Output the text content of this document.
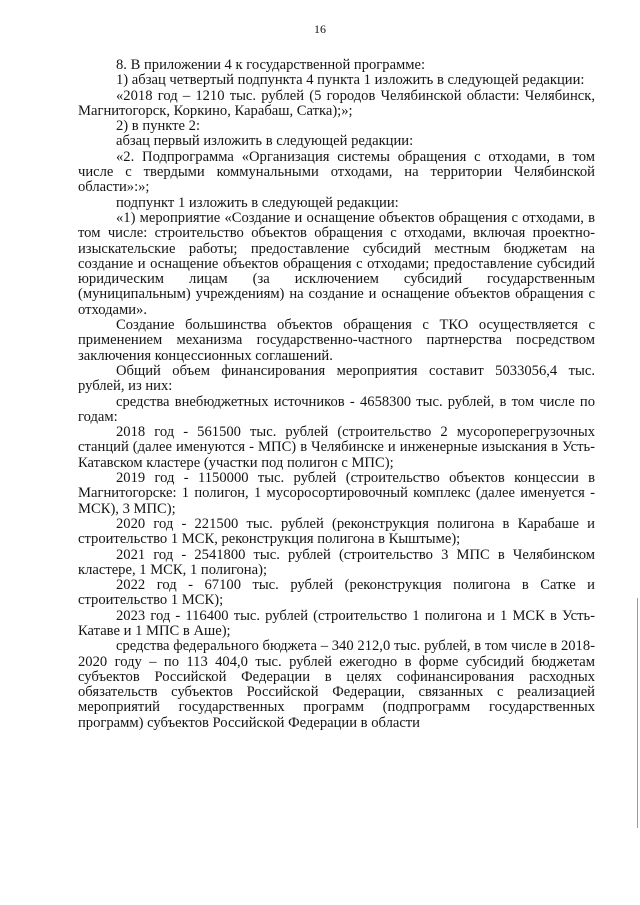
16

8. В приложении 4 к государственной программе:

1) абзац четвертый подпункта 4 пункта 1 изложить в следующей редакции:

«2018 год – 1210 тыс. рублей (5 городов Челябинской области: Челябинск, Магнитогорск, Коркино, Карабаш, Сатка);»;

2) в пункте 2:

абзац первый изложить в следующей редакции:

«2. Подпрограмма «Организация системы обращения с отходами, в том числе с твердыми коммунальными отходами, на территории Челябинской области»:»;

подпункт 1 изложить в следующей редакции:

«1) мероприятие «Создание и оснащение объектов обращения с отходами, в том числе: строительство объектов обращения с отходами, включая проектно-изыскательские работы; предоставление субсидий местным бюджетам на создание и оснащение объектов обращения с отходами; предоставление субсидий юридическим лицам (за исключением субсидий государственным (муниципальным) учреждениям) на создание и оснащение объектов обращения с отходами».

Создание большинства объектов обращения с ТКО осуществляется с применением механизма государственно-частного партнерства посредством заключения концессионных соглашений.

Общий объем финансирования мероприятия составит 5033056,4 тыс. рублей, из них:

средства внебюджетных источников - 4658300 тыс. рублей, в том числе по годам:

2018 год - 561500 тыс. рублей (строительство 2 мусороперегрузочных станций (далее именуются - МПС) в Челябинске и инженерные изыскания в Усть-Катавском кластере (участки под полигон с МПС);

2019 год - 1150000 тыс. рублей (строительство объектов концессии в Магнитогорске: 1 полигон, 1 мусоросортировочный комплекс (далее именуется - МСК), 3 МПС);

2020 год - 221500 тыс. рублей (реконструкция полигона в Карабаше и строительство 1 МСК, реконструкция полигона в Кыштыме);

2021 год - 2541800 тыс. рублей (строительство 3 МПС в Челябинском кластере, 1 МСК, 1 полигона);

2022 год - 67100 тыс. рублей (реконструкция полигона в Сатке и строительство 1 МСК);

2023 год - 116400 тыс. рублей (строительство 1 полигона и 1 МСК в Усть-Катаве и 1 МПС в Аше);

средства федерального бюджета – 340 212,0 тыс. рублей, в том числе в 2018-2020 году – по 113 404,0 тыс. рублей ежегодно в форме субсидий бюджетам субъектов Российской Федерации в целях софинансирования расходных обязательств субъектов Российской Федерации, связанных с реализацией мероприятий государственных программ (подпрограмм государственных программ) субъектов Российской Федерации в области
